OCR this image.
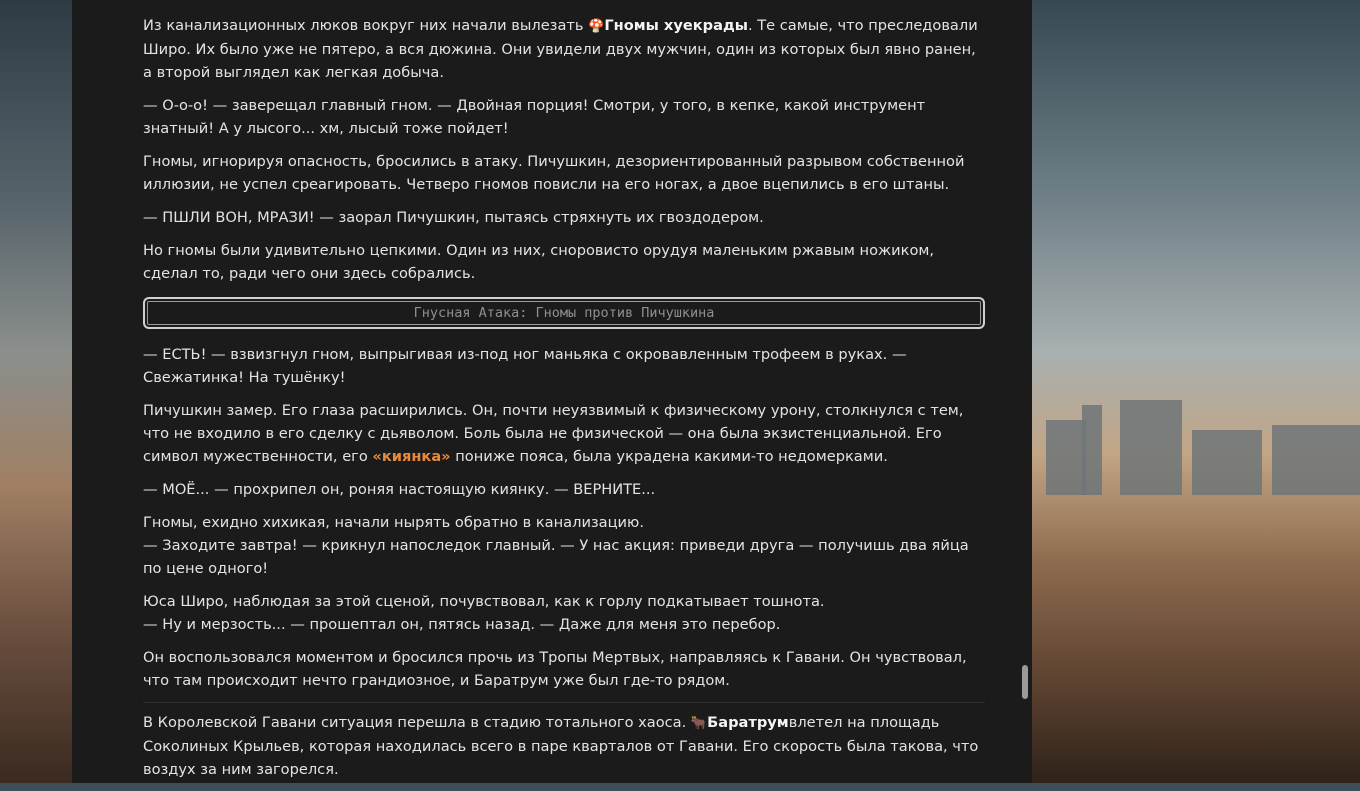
Из канализационных люков вокруг них начали вылезать 🍄Гномы хуекрады. Те самые, что преследовали Широ. Их было уже не пятеро, а вся дюжина. Они увидели двух мужчин, один из которых был явно ранен, а второй выглядел как легкая добыча.

— О-о-о! — заверещал главный гном. — Двойная порция! Смотри, у того, в кепке, какой инструмент знатный! А у лысого... хм, лысый тоже пойдет!

Гномы, игнорируя опасность, бросились в атаку. Пичушкин, дезориентированный разрывом собственной иллюзии, не успел среагировать. Четверо гномов повисли на его ногах, а двое вцепились в его штаны.

— ПШЛИ ВОН, МРАЗИ! — заорал Пичушкин, пытаясь стряхнуть их гвоздодером.

Но гномы были удивительно цепкими. Один из них, сноровисто орудуя маленьким ржавым ножиком, сделал то, ради чего они здесь собрались.

Гнусная Атака: Гномы против Пичушкина

— ЕСТЬ! — взвизгнул гном, выпрыгивая из-под ног маньяка с окровавленным трофеем в руках. — Свежатинка! На тушёнку!

Пичушкин замер. Его глаза расширились. Он, почти неуязвимый к физическому урону, столкнулся с тем, что не входило в его сделку с дьяволом. Боль была не физической — она была экзистенциальной. Его символ мужественности, его «киянка» пониже пояса, была украдена какими-то недомерками.

— МОЁ... — прохрипел он, роняя настоящую киянку. — ВЕРНИТЕ...

Гномы, ехидно хихикая, начали нырять обратно в канализацию.
— Заходите завтра! — крикнул напоследок главный. — У нас акция: приведи друга — получишь два яйца по цене одного!

Юса Широ, наблюдая за этой сценой, почувствовал, как к горлу подкатывает тошнота.
— Ну и мерзость... — прошептал он, пятясь назад. — Даже для меня это перебор.

Он воспользовался моментом и бросился прочь из Тропы Мертвых, направляясь к Гавани. Он чувствовал, что там происходит нечто грандиозное, и Баратрум уже был где-то рядом.

В Королевской Гавани ситуация перешла в стадию тотального хаоса. 🐂Баратрумвлетел на площадь Соколиных Крыльев, которая находилась всего в паре кварталов от Гавани. Его скорость была такова, что воздух за ним загорелся.
